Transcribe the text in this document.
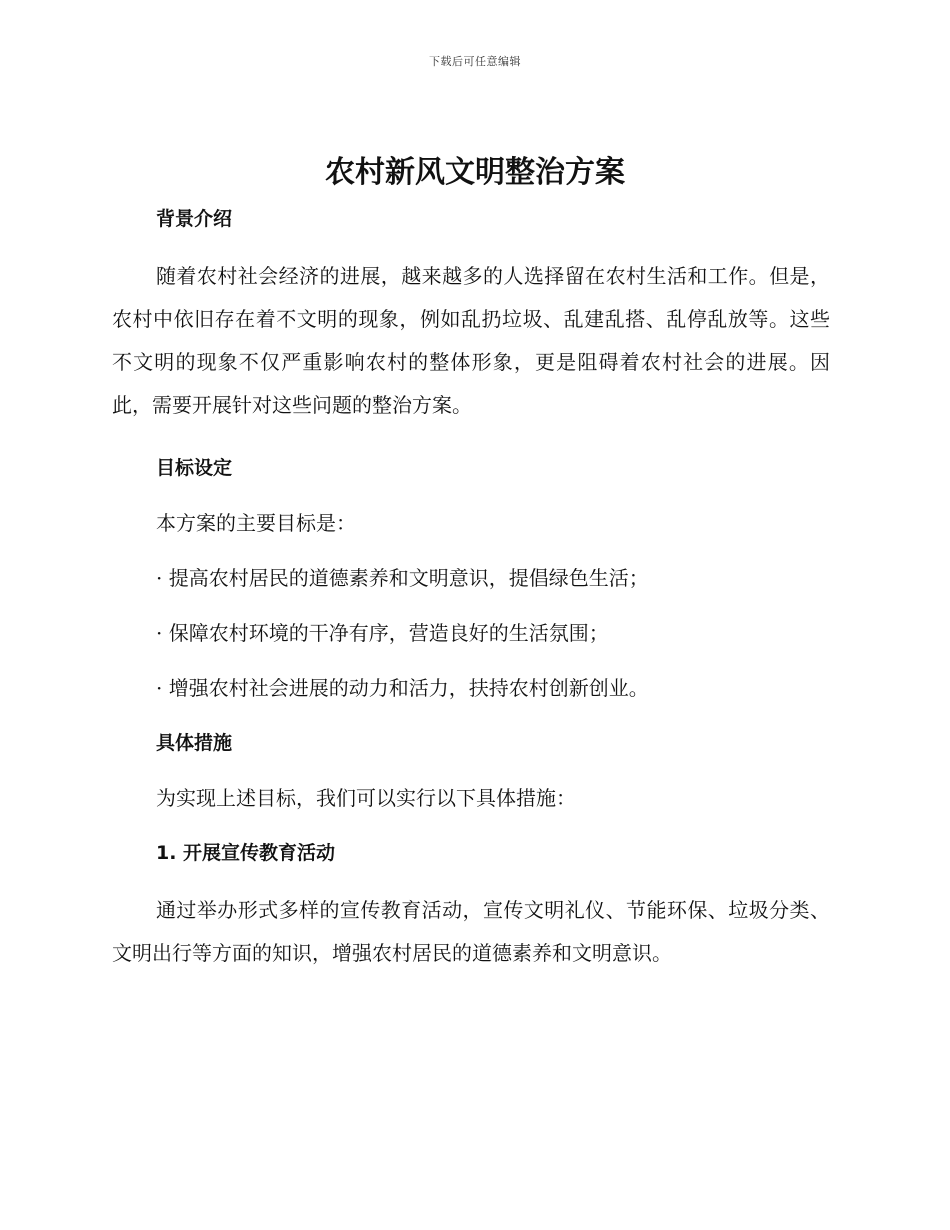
下载后可任意编辑
农村新风文明整治方案
背景介绍

随着农村社会经济的进展，越来越多的人选择留在农村生活和工作。但是，农村中依旧存在着不文明的现象，例如乱扔垃圾、乱建乱搭、乱停乱放等。这些不文明的现象不仅严重影响农村的整体形象，更是阻碍着农村社会的进展。因此，需要开展针对这些问题的整治方案。

目标设定

本方案的主要目标是：

· 提高农村居民的道德素养和文明意识，提倡绿色生活；

· 保障农村环境的干净有序，营造良好的生活氛围；

· 增强农村社会进展的动力和活力，扶持农村创新创业。

具体措施

为实现上述目标，我们可以实行以下具体措施：

1. 开展宣传教育活动

通过举办形式多样的宣传教育活动，宣传文明礼仪、节能环保、垃圾分类、文明出行等方面的知识，增强农村居民的道德素养和文明意识。
